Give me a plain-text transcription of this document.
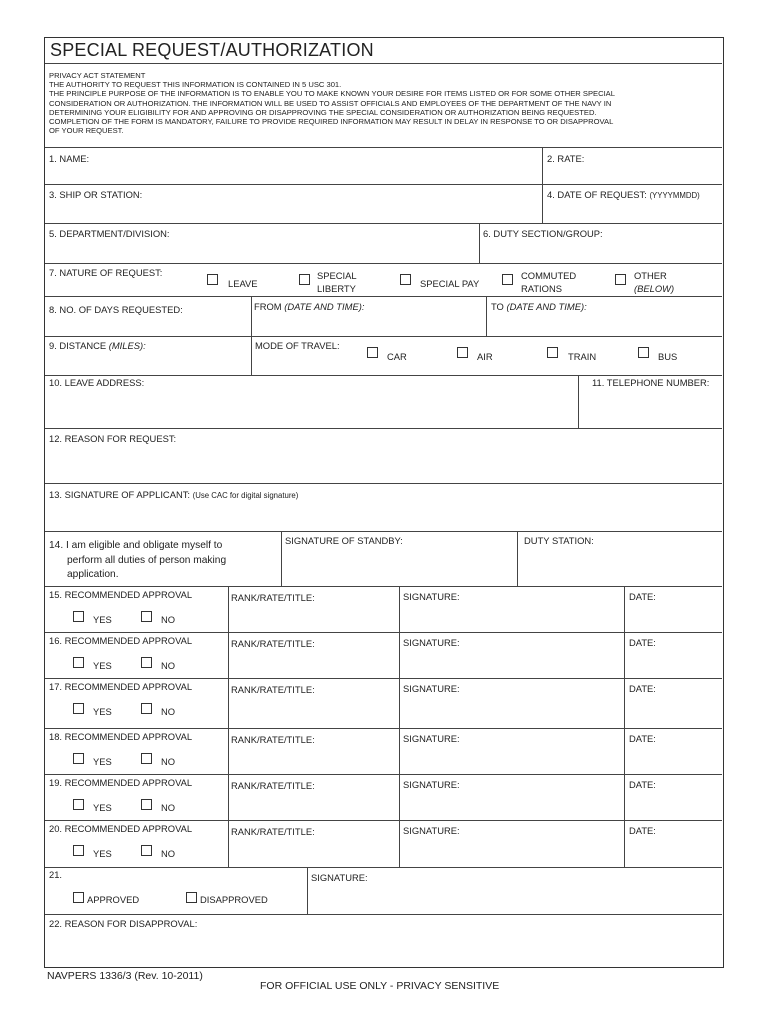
SPECIAL REQUEST/AUTHORIZATION
PRIVACY ACT STATEMENT
THE AUTHORITY TO REQUEST THIS INFORMATION IS CONTAINED IN 5 USC 301.
THE PRINCIPLE PURPOSE OF THE INFORMATION IS TO ENABLE YOU TO MAKE KNOWN YOUR DESIRE FOR ITEMS LISTED OR FOR SOME OTHER SPECIAL
CONSIDERATION OR AUTHORIZATION. THE INFORMATION WILL BE USED TO ASSIST OFFICIALS AND EMPLOYEES OF THE DEPARTMENT OF THE NAVY IN
DETERMINING YOUR ELIGIBILITY FOR AND APPROVING OR DISAPPROVING THE SPECIAL CONSIDERATION OR AUTHORIZATION BEING REQUESTED.
COMPLETION OF THE FORM IS MANDATORY, FAILURE TO PROVIDE REQUIRED INFORMATION MAY RESULT IN DELAY IN RESPONSE TO OR DISAPPROVAL
OF YOUR REQUEST.
1. NAME:	2. RATE:
3. SHIP OR STATION:	4. DATE OF REQUEST: (YYYYMMDD)
5. DEPARTMENT/DIVISION:	6. DUTY SECTION/GROUP:
7. NATURE OF REQUEST:
LEAVE
SPECIAL
LIBERTY	SPECIAL PAY
COMMUTED
RATIONS
OTHER
(BELOW)
8. NO. OF DAYS REQUESTED:	FROM (DATE AND TIME):	TO (DATE AND TIME):
9. DISTANCE (MILES):	MODE OF TRAVEL:
CAR	AIR	TRAIN	BUS
10. LEAVE ADDRESS:	11. TELEPHONE NUMBER:
12. REASON FOR REQUEST:
13. SIGNATURE OF APPLICANT: (Use CAC for digital signature)
14. I am eligible and obligate myself to
perform all duties of person making
application.
SIGNATURE OF STANDBY:	DUTY STATION:
15. RECOMMENDED APPROVAL
YES	NO
RANK/RATE/TITLE:	SIGNATURE:	DATE:
16. RECOMMENDED APPROVAL
YES	NO
RANK/RATE/TITLE:	SIGNATURE:	DATE:
17. RECOMMENDED APPROVAL
YES	NO
RANK/RATE/TITLE:	SIGNATURE:	DATE:
18. RECOMMENDED APPROVAL
YES	NO
RANK/RATE/TITLE:	SIGNATURE:	DATE:
19. RECOMMENDED APPROVAL
YES	NO
RANK/RATE/TITLE:	SIGNATURE:	DATE:
20. RECOMMENDED APPROVAL
YES	NO
RANK/RATE/TITLE:	SIGNATURE:	DATE:
21.
APPROVED	DISAPPROVED
SIGNATURE:
22. REASON FOR DISAPPROVAL:
NAVPERS 1336/3 (Rev. 10-2011)
FOR OFFICIAL USE ONLY - PRIVACY SENSITIVE
